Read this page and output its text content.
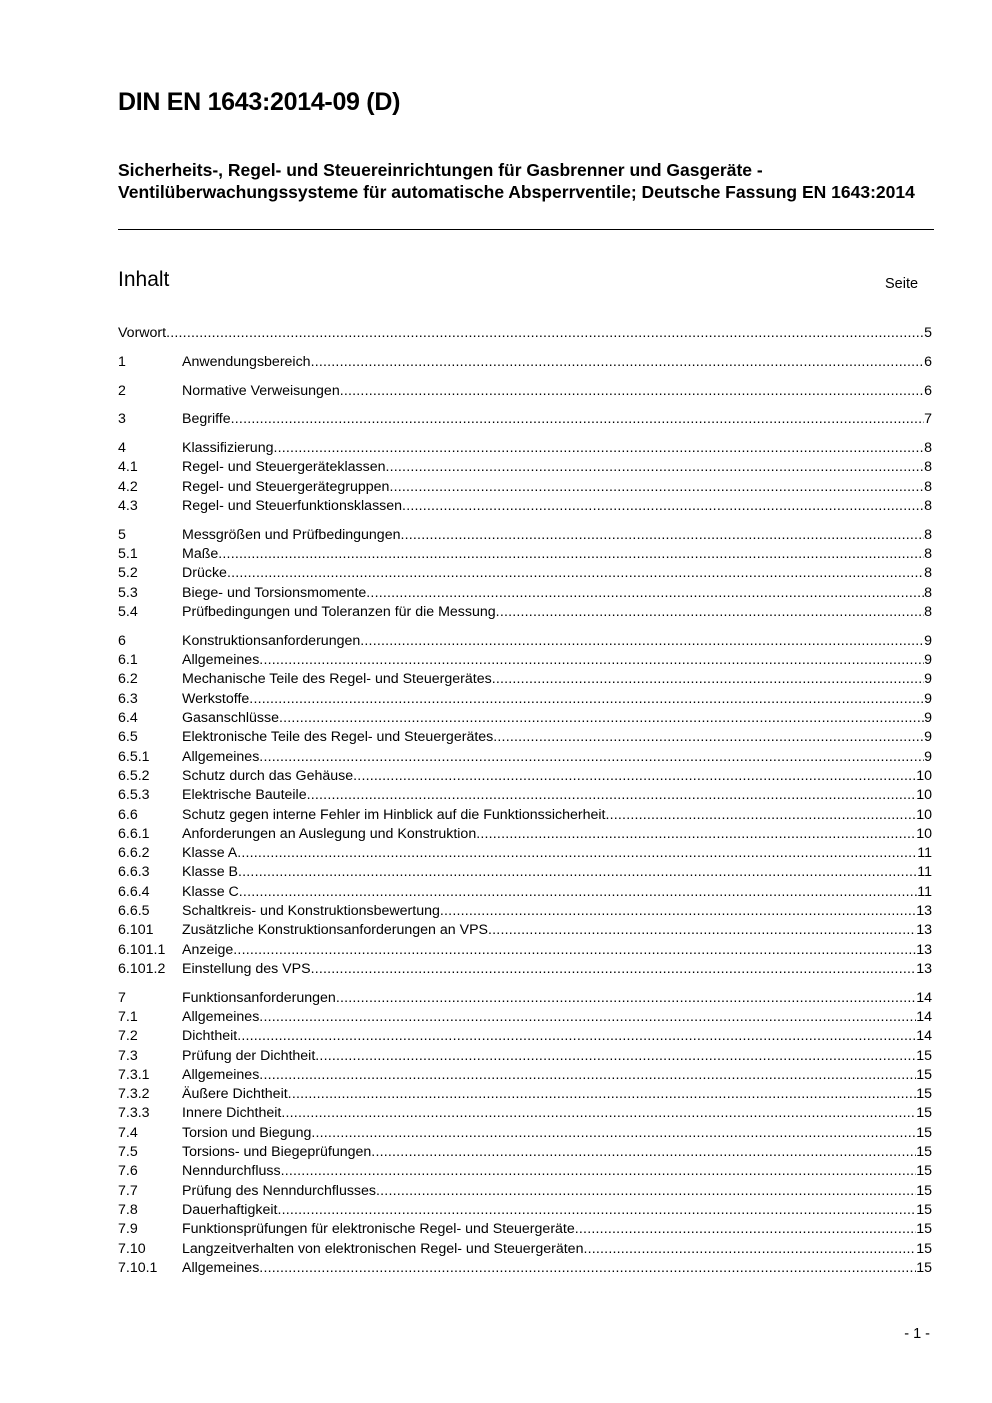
DIN EN 1643:2014-09 (D)

Sicherheits-, Regel- und Steuereinrichtungen für Gasbrenner und Gasgeräte - Ventilüberwachungssysteme für automatische Absperrventile; Deutsche Fassung EN 1643:2014

Inhalt	Seite
Vorwort .....	5
1	Anwendungsbereich .....	6
2	Normative Verweisungen .....	6
3	Begriffe .....	7
4	Klassifizierung .....	8
4.1	Regel- und Steuergeräteklassen .....	8
4.2	Regel- und Steuergerätegruppen .....	8
4.3	Regel- und Steuerfunktionsklassen .....	8
5	Messgrößen und Prüfbedingungen .....	8
5.1	Maße .....	8
5.2	Drücke .....	8
5.3	Biege- und Torsionsmomente .....	8
5.4	Prüfbedingungen und Toleranzen für die Messung .....	8
6	Konstruktionsanforderungen .....	9
6.1	Allgemeines .....	9
6.2	Mechanische Teile des Regel- und Steuergerätes .....	9
6.3	Werkstoffe .....	9
6.4	Gasanschlüsse .....	9
6.5	Elektronische Teile des Regel- und Steuergerätes .....	9
6.5.1	Allgemeines .....	9
6.5.2	Schutz durch das Gehäuse .....	10
6.5.3	Elektrische Bauteile .....	10
6.6	Schutz gegen interne Fehler im Hinblick auf die Funktionssicherheit .....	10
6.6.1	Anforderungen an Auslegung und Konstruktion .....	10
6.6.2	Klasse A .....	11
6.6.3	Klasse B .....	11
6.6.4	Klasse C .....	11
6.6.5	Schaltkreis- und Konstruktionsbewertung .....	13
6.101	Zusätzliche Konstruktionsanforderungen an VPS .....	13
6.101.1	Anzeige .....	13
6.101.2	Einstellung des VPS .....	13
7	Funktionsanforderungen .....	14
7.1	Allgemeines .....	14
7.2	Dichtheit .....	14
7.3	Prüfung der Dichtheit .....	15
7.3.1	Allgemeines .....	15
7.3.2	Äußere Dichtheit .....	15
7.3.3	Innere Dichtheit .....	15
7.4	Torsion und Biegung .....	15
7.5	Torsions- und Biegeprüfungen .....	15
7.6	Nenndurchfluss .....	15
7.7	Prüfung des Nenndurchflusses .....	15
7.8	Dauerhaftigkeit .....	15
7.9	Funktionsprüfungen für elektronische Regel- und Steuergeräte .....	15
7.10	Langzeitverhalten von elektronischen Regel- und Steuergeräten .....	15
7.10.1	Allgemeines .....	15
- 1 -
